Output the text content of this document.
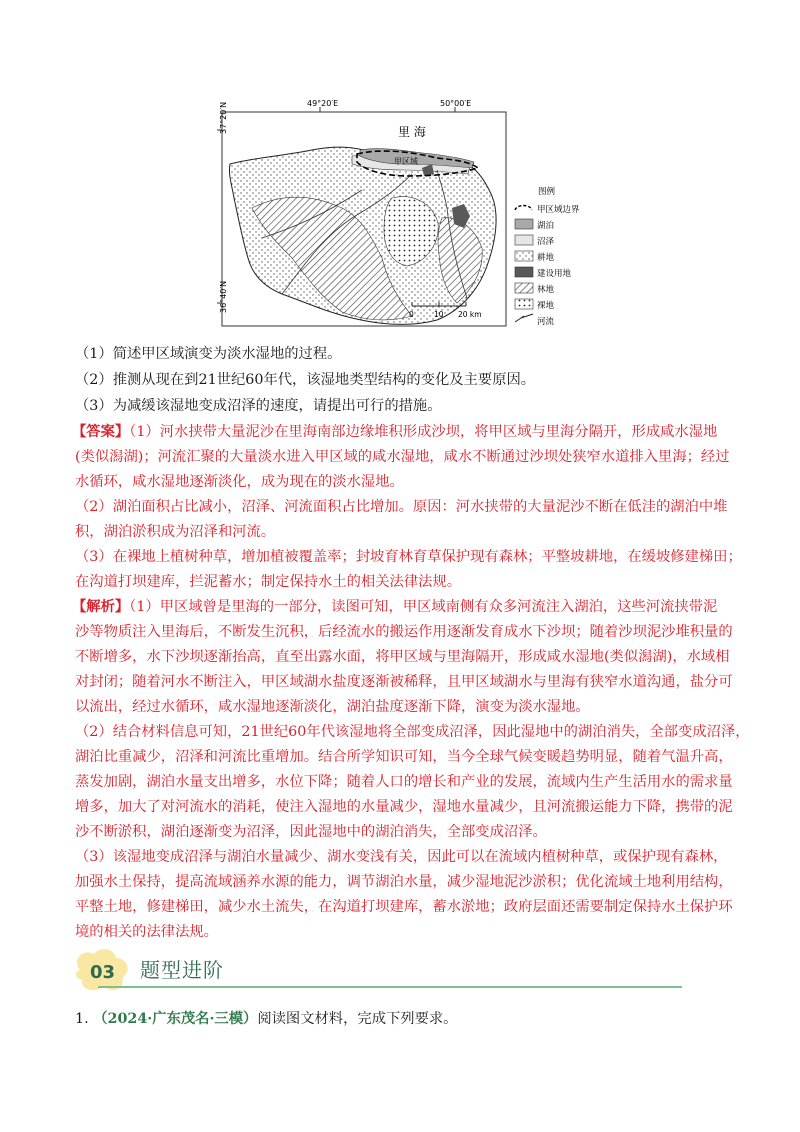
49°20′E	50°00′E
37°20′N
36°40′N
里 海
甲区域
0	10 20 km
图例
甲区域边界
湖泊
沼泽
耕地
建设用地
林地
裸地
河流
（1）简述甲区域演变为淡水湿地的过程。
（2）推测从现在到21世纪60年代，该湿地类型结构的变化及主要原因。
（3）为减缓该湿地变成沼泽的速度，请提出可行的措施。
【答案】（1）河水挟带大量泥沙在里海南部边缘堆积形成沙坝，将甲区域与里海分隔开，形成咸水湿地
(类似潟湖)；河流汇聚的大量淡水进入甲区域的咸水湿地，咸水不断通过沙坝处狭窄水道排入里海；经过
水循环，咸水湿地逐渐淡化，成为现在的淡水湿地。
（2）湖泊面积占比减小，沼泽、河流面积占比增加。原因：河水挟带的大量泥沙不断在低洼的湖泊中堆
积，湖泊淤积成为沼泽和河流。
（3）在裸地上植树种草，增加植被覆盖率；封坡育林育草保护现有森林；平整坡耕地，在缓坡修建梯田；
在沟道打坝建库，拦泥蓄水；制定保持水土的相关法律法规。
【解析】（1）甲区域曾是里海的一部分，读图可知，甲区域南侧有众多河流注入湖泊，这些河流挟带泥
沙等物质注入里海后，不断发生沉积，后经流水的搬运作用逐渐发育成水下沙坝；随着沙坝泥沙堆积量的
不断增多，水下沙坝逐渐抬高，直至出露水面，将甲区域与里海隔开，形成咸水湿地(类似潟湖)，水域相
对封闭；随着河水不断注入，甲区域湖水盐度逐渐被稀释，且甲区域湖水与里海有狭窄水道沟通，盐分可
以流出，经过水循环，咸水湿地逐渐淡化，湖泊盐度逐渐下降，演变为淡水湿地。
（2）结合材料信息可知，21世纪60年代该湿地将全部变成沼泽，因此湿地中的湖泊消失，全部变成沼泽，
湖泊比重减少，沼泽和河流比重增加。结合所学知识可知，当今全球气候变暖趋势明显，随着气温升高，
蒸发加剧，湖泊水量支出增多，水位下降；随着人口的增长和产业的发展，流域内生产生活用水的需求量
增多，加大了对河流水的消耗，使注入湿地的水量减少，湿地水量减少，且河流搬运能力下降，携带的泥
沙不断淤积，湖泊逐渐变为沼泽，因此湿地中的湖泊消失，全部变成沼泽。
（3）该湿地变成沼泽与湖泊水量减少、湖水变浅有关，因此可以在流域内植树种草，或保护现有森林，
加强水土保持，提高流域涵养水源的能力，调节湖泊水量，减少湿地泥沙淤积；优化流域土地利用结构，
平整土地，修建梯田，减少水土流失，在沟道打坝建库，蓄水淤地；政府层面还需要制定保持水土保护环
境的相关的法律法规。
03 题型进阶
1. （2024·广东茂名·三模）阅读图文材料，完成下列要求。
